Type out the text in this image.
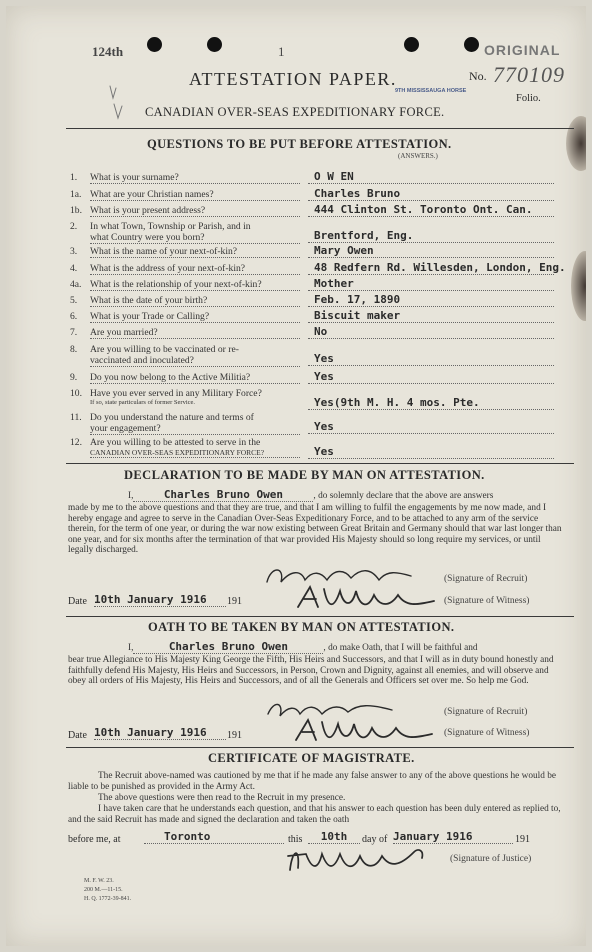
124th	1	ORIGINAL
ATTESTATION PAPER.	No. 770109
9TH MISSISSAUGA HORSE
Folio.
CANADIAN OVER-SEAS EXPEDITIONARY FORCE.
QUESTIONS TO BE PUT BEFORE ATTESTATION.
(ANSWERS.)
DECLARATION TO BE MADE BY MAN ON ATTESTATION.
I,	Charles Bruno Owen	, do solemnly declare that the above are answers
made by me to the above questions and that they are true, and that I am willing to fulfil the engagements by me now made, and I hereby engage and agree to serve in the Canadian Over-Seas Expeditionary Force, and to be attached to any arm of the service therein, for the term of one year, or during the war now existing between Great Britain and Germany should that war last longer than one year, and for six months after the termination of that war provided His Majesty should so long require my services, or until legally discharged.
(Signature of Recruit)
Date 10th January 1916	191	(Signature of Witness)
OATH TO BE TAKEN BY MAN ON ATTESTATION.
I,	Charles Bruno Owen	, do make Oath, that I will be faithful and
bear true Allegiance to His Majesty King George the Fifth, His Heirs and Successors, and that I will as in duty bound honestly and faithfully defend His Majesty, His Heirs and Successors, in Person, Crown and Dignity, against all enemies, and will observe and obey all orders of His Majesty, His Heirs and Successors, and of all the Generals and Officers set over me. So help me God.
(Signature of Recruit)
Date 10th January 1916	191	(Signature of Witness)
CERTIFICATE OF MAGISTRATE.
The Recruit above-named was cautioned by me that if he made any false answer to any of the above questions he would be liable to be punished as provided in the Army Act.
The above questions were then read to the Recruit in my presence.
I have taken care that he understands each question, and that his answer to each question has been duly entered as replied to, and the said Recruit has made and signed the declaration and taken the oath
before me, at	Toronto	this	10th	day of January 1916	191
(Signature of Justice)
M. F. W. 23.
200 M.—11-15.
H. Q. 1772-39-841.
1. What is your surname?	O W EN
1a. What are your Christian names?	Charles Bruno
1b. What is your present address?	444 Clinton St. Toronto Ont. Can.
2. In what Town, Township or Parish, and in
what Country were you born?	Brentford, Eng.
3. What is the name of your next-of-kin?	Mary Owen
4. What is the address of your next-of-kin?	48 Redfern Rd. Willesden, London, Eng.
4a. What is the relationship of your next-of-kin?	Mother
5. What is the date of your birth?	Feb. 17, 1890
6. What is your Trade or Calling?	Biscuit maker
7. Are you married?	No
8. Are you willing to be vaccinated or re-
vaccinated and inoculated?	Yes
9. Do you now belong to the Active Militia?	Yes
10. Have you ever served in any Military Force?
If so, state particulars of former Service.	Yes(9th M. H. 4 mos. Pte.
11. Do you understand the nature and terms of
your engagement?	Yes
12. Are you willing to be attested to serve in the
CANADIAN OVER-SEAS EXPEDITIONARY FORCE?	Yes
